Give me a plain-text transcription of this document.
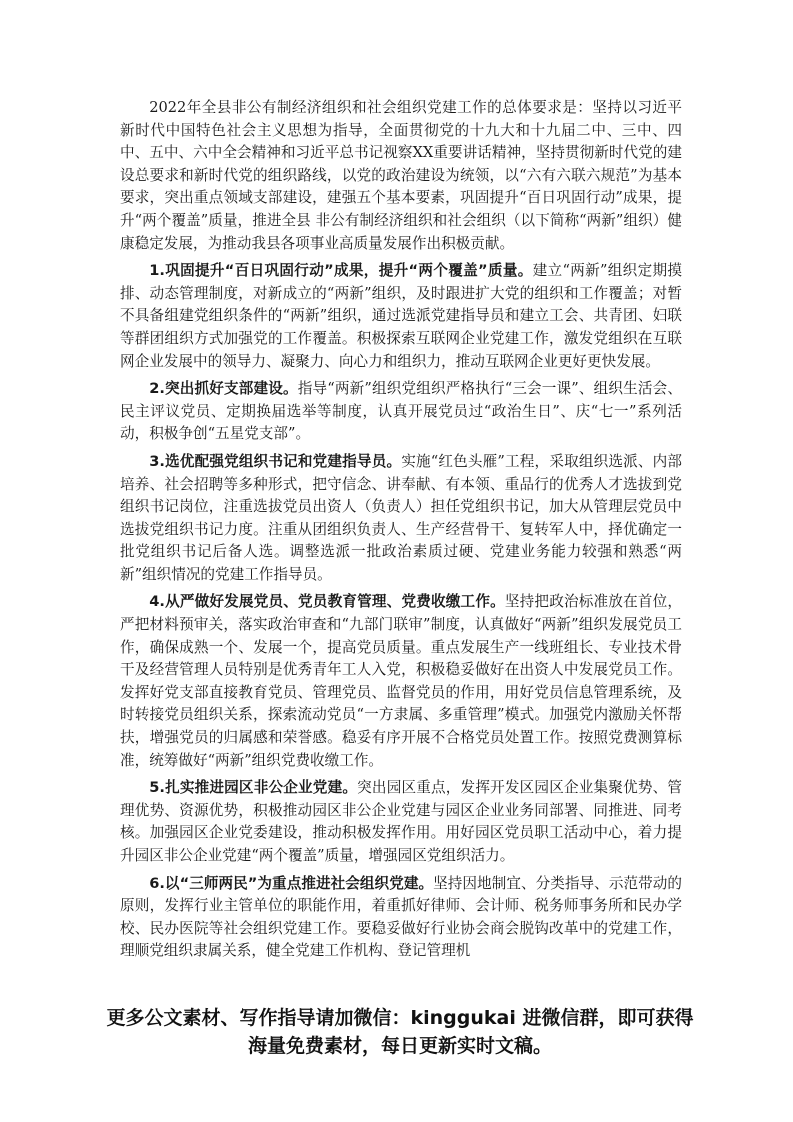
2022年全县非公有制经济组织和社会组织党建工作的总体要求是：坚持以习近平新时代中国特色社会主义思想为指导，全面贯彻党的十九大和十九届二中、三中、四中、五中、六中全会精神和习近平总书记视察XX重要讲话精神，坚持贯彻新时代党的建设总要求和新时代党的组织路线，以党的政治建设为统领，以“六有六联六规范”为基本要求，突出重点领域支部建设，建强五个基本要素，巩固提升“百日巩固行动”成果，提升“两个覆盖”质量，推进全县 非公有制经济组织和社会组织（以下简称“两新”组织）健康稳定发展，为推动我县各项事业高质量发展作出积极贡献。

1.巩固提升“百日巩固行动”成果，提升“两个覆盖”质量。建立“两新”组织定期摸排、动态管理制度，对新成立的“两新”组织，及时跟进扩大党的组织和工作覆盖；对暂不具备组建党组织条件的“两新”组织，通过选派党建指导员和建立工会、共青团、妇联等群团组织方式加强党的工作覆盖。积极探索互联网企业党建工作，激发党组织在互联网企业发展中的领导力、凝聚力、向心力和组织力，推动互联网企业更好更快发展。

2.突出抓好支部建设。指导“两新”组织党组织严格执行“三会一课”、组织生活会、民主评议党员、定期换届选举等制度，认真开展党员过“政治生日”、庆“七一”系列活动，积极争创“五星党支部”。

3.选优配强党组织书记和党建指导员。实施“红色头雁”工程，采取组织选派、内部培养、社会招聘等多种形式，把守信念、讲奉献、有本领、重品行的优秀人才选拔到党组织书记岗位，注重选拔党员出资人（负责人）担任党组织书记，加大从管理层党员中选拔党组织书记力度。注重从团组织负责人、生产经营骨干、复转军人中，择优确定一批党组织书记后备人选。调整选派一批政治素质过硬、党建业务能力较强和熟悉“两新”组织情况的党建工作指导员。

4.从严做好发展党员、党员教育管理、党费收缴工作。坚持把政治标准放在首位，严把材料预审关，落实政治审查和“九部门联审”制度，认真做好“两新”组织发展党员工作，确保成熟一个、发展一个，提高党员质量。重点发展生产一线班组长、专业技术骨干及经营管理人员特别是优秀青年工人入党，积极稳妥做好在出资人中发展党员工作。发挥好党支部直接教育党员、管理党员、监督党员的作用，用好党员信息管理系统，及时转接党员组织关系，探索流动党员“一方隶属、多重管理”模式。加强党内激励关怀帮扶，增强党员的归属感和荣誉感。稳妥有序开展不合格党员处置工作。按照党费测算标准，统筹做好“两新”组织党费收缴工作。

5.扎实推进园区非公企业党建。突出园区重点，发挥开发区园区企业集聚优势、管理优势、资源优势，积极推动园区非公企业党建与园区企业业务同部署、同推进、同考核。加强园区企业党委建设，推动积极发挥作用。用好园区党员职工活动中心，着力提升园区非公企业党建“两个覆盖”质量，增强园区党组织活力。

6.以“三师两民”为重点推进社会组织党建。坚持因地制宜、分类指导、示范带动的原则，发挥行业主管单位的职能作用，着重抓好律师、会计师、税务师事务所和民办学校、民办医院等社会组织党建工作。要稳妥做好行业协会商会脱钩改革中的党建工作，理顺党组织隶属关系，健全党建工作机构、登记管理机

更多公文素材、写作指导请加微信：kinggukai 进微信群，即可获得
海量免费素材，每日更新实时文稿。
